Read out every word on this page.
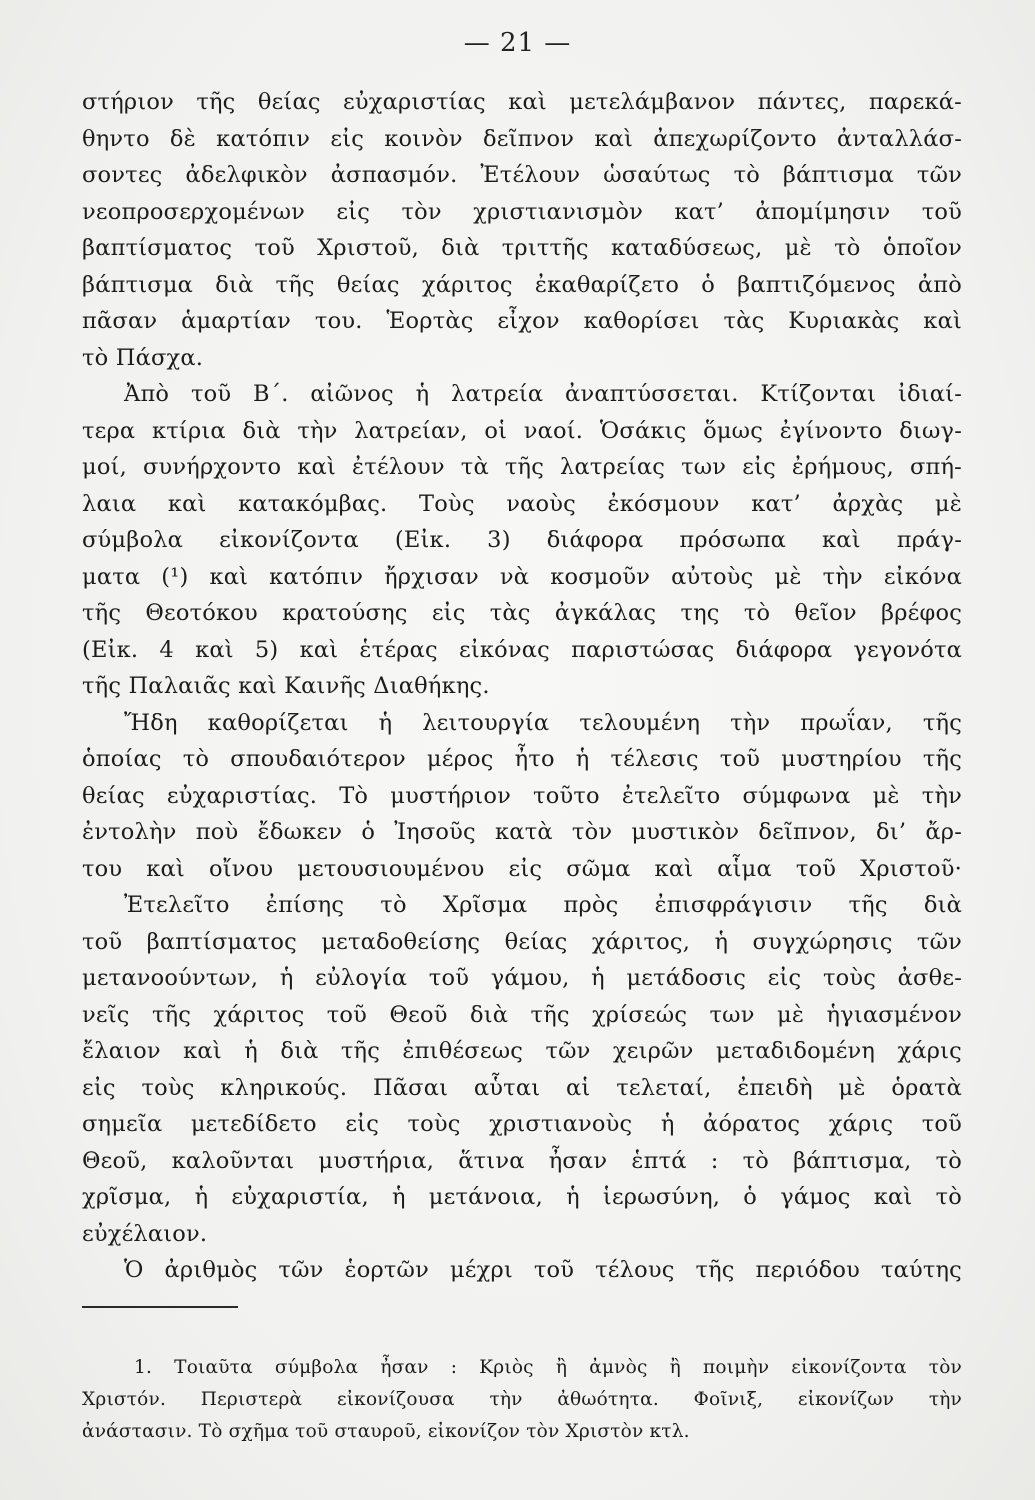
— 21 —
στήριον τῆς θείας εὐχαριστίας καὶ μετελάμβανον πάντες, παρεκά-
θηντο δὲ κατόπιν εἰς κοινὸν δεῖπνον καὶ ἀπεχωρίζοντο ἀνταλλάσ-
σοντες ἀδελφικὸν ἀσπασμόν. Ἐτέλουν ὡσαύτως τὸ βάπτισμα τῶν
νεοπροσερχομένων εἰς τὸν χριστιανισμὸν κατ’ ἀπομίμησιν τοῦ
βαπτίσματος τοῦ Χριστοῦ, διὰ τριττῆς καταδύσεως, μὲ τὸ ὁποῖον
βάπτισμα διὰ τῆς θείας χάριτος ἐκαθαρίζετο ὁ βαπτιζόμενος ἀπὸ
πᾶσαν ἁμαρτίαν του. Ἑορτὰς εἶχον καθορίσει τὰς Κυριακὰς καὶ
τὸ Πάσχα.
Ἀπὸ τοῦ Β΄. αἰῶνος ἡ λατρεία ἀναπτύσσεται. Κτίζονται ἰδιαί-
τερα κτίρια διὰ τὴν λατρείαν, οἱ ναοί. Ὁσάκις ὅμως ἐγίνοντο διωγ-
μοί, συνήρχοντο καὶ ἐτέλουν τὰ τῆς λατρείας των εἰς ἐρήμους, σπή-
λαια καὶ κατακόμβας. Τοὺς ναοὺς ἐκόσμουν κατ’ ἀρχὰς μὲ
σύμβολα εἰκονίζοντα (Εἰκ. 3) διάφορα πρόσωπα καὶ πράγ-
ματα (¹) καὶ κατόπιν ἤρχισαν νὰ κοσμοῦν αὐτοὺς μὲ τὴν εἰκόνα
τῆς Θεοτόκου κρατούσης εἰς τὰς ἀγκάλας της τὸ θεῖον βρέφος
(Εἰκ. 4 καὶ 5) καὶ ἑτέρας εἰκόνας παριστώσας διάφορα γεγονότα
τῆς Παλαιᾶς καὶ Καινῆς Διαθήκης.
Ἤδη καθορίζεται ἡ λειτουργία τελουμένη τὴν πρωΐαν, τῆς
ὁποίας τὸ σπουδαιότερον μέρος ἦτο ἡ τέλεσις τοῦ μυστηρίου τῆς
θείας εὐχαριστίας. Τὸ μυστήριον τοῦτο ἐτελεῖτο σύμφωνα μὲ τὴν
ἐντολὴν ποὺ ἔδωκεν ὁ Ἰησοῦς κατὰ τὸν μυστικὸν δεῖπνον, δι’ ἄρ-
του καὶ οἴνου μετουσιουμένου εἰς σῶμα καὶ αἷμα τοῦ Χριστοῦ·
Ἐτελεῖτο ἐπίσης τὸ Χρῖσμα πρὸς ἐπισφράγισιν τῆς διὰ
τοῦ βαπτίσματος μεταδοθείσης θείας χάριτος, ἡ συγχώρησις τῶν
μετανοούντων, ἡ εὐλογία τοῦ γάμου, ἡ μετάδοσις εἰς τοὺς ἀσθε-
νεῖς τῆς χάριτος τοῦ Θεοῦ διὰ τῆς χρίσεώς των μὲ ἡγιασμένον
ἔλαιον καὶ ἡ διὰ τῆς ἐπιθέσεως τῶν χειρῶν μεταδιδομένη χάρις
εἰς τοὺς κληρικούς. Πᾶσαι αὗται αἱ τελεταί, ἐπειδὴ μὲ ὁρατὰ
σημεῖα μετεδίδετο εἰς τοὺς χριστιανοὺς ἡ ἀόρατος χάρις τοῦ
Θεοῦ, καλοῦνται μυστήρια, ἅτινα ἦσαν ἑπτά : τὸ βάπτισμα, τὸ
χρῖσμα, ἡ εὐχαριστία, ἡ μετάνοια, ἡ ἱερωσύνη, ὁ γάμος καὶ τὸ
εὐχέλαιον.
Ὁ ἀριθμὸς τῶν ἑορτῶν μέχρι τοῦ τέλους τῆς περιόδου ταύτης
1. Τοιαῦτα σύμβολα ἦσαν : Κριὸς ἢ ἀμνὸς ἢ ποιμὴν εἰκονίζοντα τὸν
Χριστόν. Περιστερὰ εἰκονίζουσα τὴν ἀθωότητα. Φοῖνιξ, εἰκονίζων τὴν
ἀνάστασιν. Τὸ σχῆμα τοῦ σταυροῦ, εἰκονίζον τὸν Χριστὸν κτλ.
